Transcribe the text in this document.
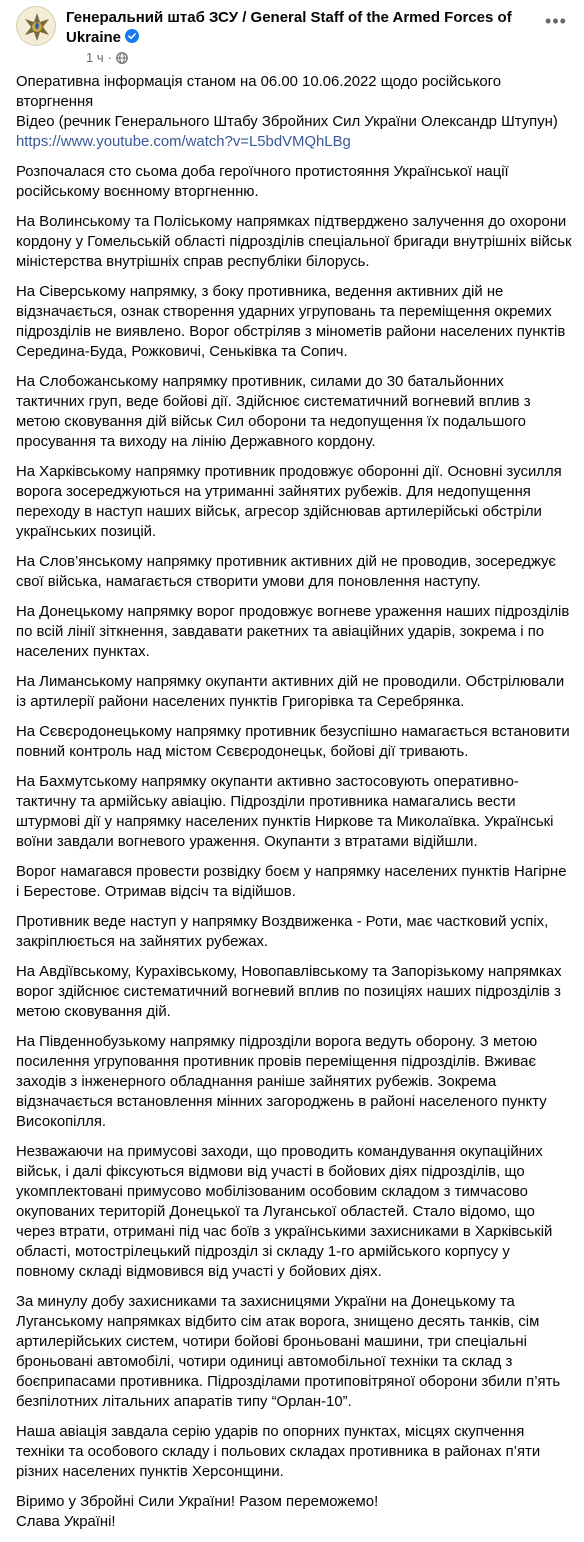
Генеральний штаб ЗСУ / General Staff of the Armed Forces of Ukraine
1 ч ·
•••

Оперативна інформація станом на 06.00 10.06.2022 щодо російського вторгнення
Відео (речник Генерального Штабу Збройних Сил України Олександр Штупун)
https://www.youtube.com/watch?v=L5bdVMQhLBg

Розпочалася сто сьома доба героїчного протистояння Української нації російському воєнному вторгненню.

На Волинському та Поліському напрямках підтверджено залучення до охорони кордону у Гомельській області підрозділів спеціальної бригади внутрішніх військ міністерства внутрішніх справ республіки білорусь.

На Сіверському напрямку, з боку противника, ведення активних дій не відзначається, ознак створення ударних угруповань та переміщення окремих підрозділів не виявлено. Ворог обстріляв з мінометів райони населених пунктів Середина-Буда, Рожковичі, Сеньківка та Сопич.

На Слобожанському напрямку противник, силами до 30 батальйонних тактичних груп, веде бойові дії. Здійснює систематичний вогневий вплив з метою сковування дій військ Сил оборони та недопущення їх подальшого просування та виходу на лінію Державного кордону.

На Харківському напрямку противник продовжує оборонні дії. Основні зусилля ворога зосереджуються на утриманні зайнятих рубежів. Для недопущення переходу в наступ наших військ, агресор здійснював артилерійські обстріли українських позицій.

На Слов’янському напрямку противник активних дій не проводив, зосереджує свої війська, намагається створити умови для поновлення наступу.

На Донецькому напрямку ворог продовжує вогневе ураження наших підрозділів по всій лінії зіткнення, завдавати ракетних та авіаційних ударів, зокрема і по населених пунктах.

На Лиманському напрямку окупанти активних дій не проводили. Обстрілювали із артилерії райони населених пунктів Григорівка та Серебрянка.

На Сєвєродонецькому напрямку противник безуспішно намагається встановити повний контроль над містом Сєвєродонецьк, бойові дії тривають.

На Бахмутському напрямку окупанти активно застосовують оперативно-тактичну та армійську авіацію. Підрозділи противника намагались вести штурмові дії у напрямку населених пунктів Ниркове та Миколаївка. Українські воїни завдали вогневого ураження. Окупанти з втратами відійшли.

Ворог намагався провести розвідку боєм у напрямку населених пунктів Нагірне і Берестове. Отримав відсіч та відійшов.

Противник веде наступ у напрямку Воздвиженка - Роти, має частковий успіх, закріплюється на зайнятих рубежах.

На Авдіївському, Курахівському, Новопавлівському та Запорізькому напрямках ворог здійснює систематичний вогневий вплив по позиціях наших підрозділів з метою сковування дій.

На Південнобузькому напрямку підрозділи ворога ведуть оборону. З метою посилення угруповання противник провів переміщення підрозділів. Вживає заходів з інженерного обладнання раніше зайнятих рубежів. Зокрема відзначається встановлення мінних загороджень в районі населеного пункту Високопілля.

Незважаючи на примусові заходи, що проводить командування окупаційних військ, і далі фіксуються відмови від участі в бойових діях підрозділів, що укомплектовані примусово мобілізованим особовим складом з тимчасово окупованих територій Донецької та Луганської областей. Стало відомо, що через втрати, отримані під час боїв з українськими захисниками в Харківській області, мотострілецький підрозділ зі складу 1-го армійського корпусу у повному складі відмовився від участі у бойових діях.

За минулу добу захисниками та захисницями України на Донецькому та Луганському напрямках відбито сім атак ворога, знищено десять танків, сім артилерійських систем, чотири бойові броньовані машини, три спеціальні броньовані автомобілі, чотири одиниці автомобільної техніки та склад з боєприпасами противника. Підрозділами протиповітряної оборони збили п’ять безпілотних літальних апаратів типу “Орлан-10”.

Наша авіація завдала серію ударів по опорних пунктах, місцях скупчення техніки та особового складу і польових складах противника в районах п’яти різних населених пунктів Херсонщини.

Віримо у Збройні Сили України! Разом переможемо!
Слава Україні!
